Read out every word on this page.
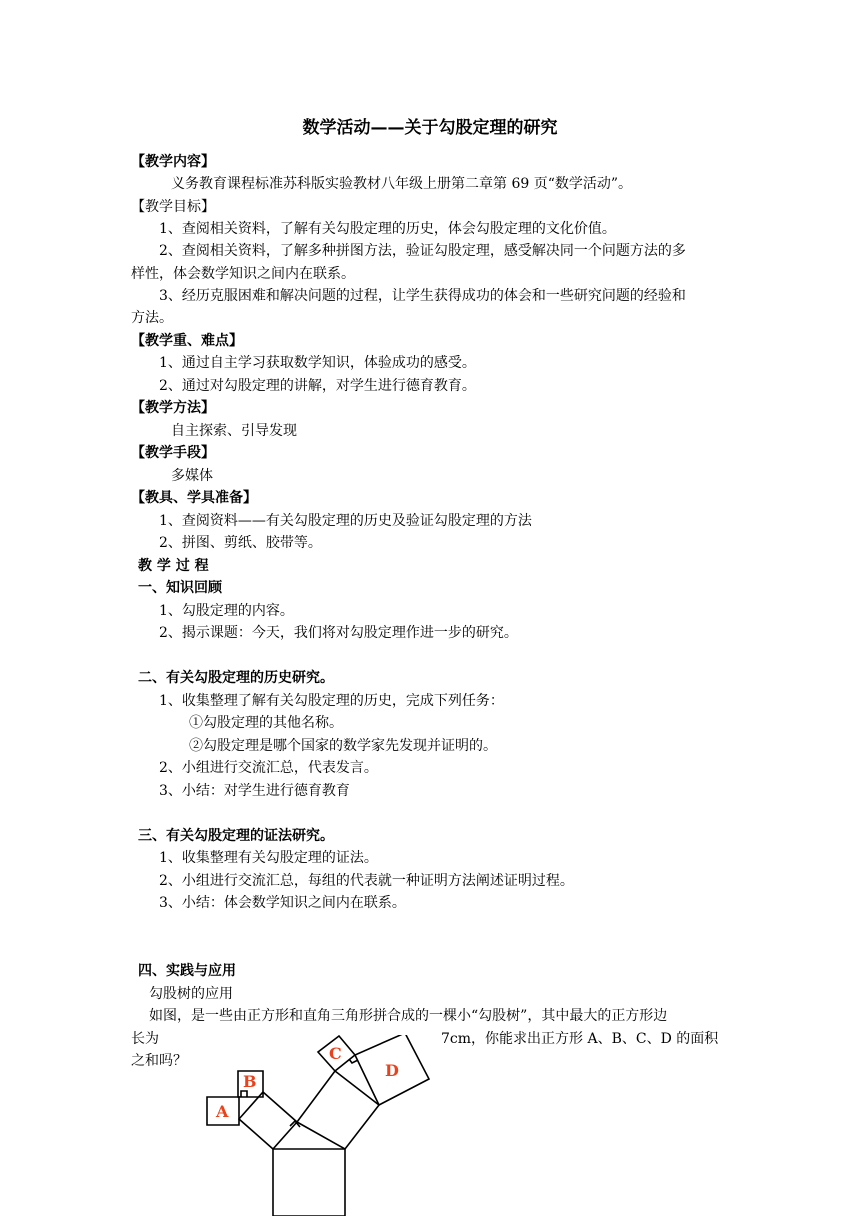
数学活动——关于勾股定理的研究
【教学内容】
义务教育课程标准苏科版实验教材八年级上册第二章第 69 页“数学活动”。
【教学目标】
1、查阅相关资料，了解有关勾股定理的历史，体会勾股定理的文化价值。
2、查阅相关资料，了解多种拼图方法，验证勾股定理，感受解决同一个问题方法的多
样性，体会数学知识之间内在联系。
3、经历克服困难和解决问题的过程，让学生获得成功的体会和一些研究问题的经验和
方法。
【教学重、难点】
1、通过自主学习获取数学知识，体验成功的感受。
2、通过对勾股定理的讲解，对学生进行德育教育。
【教学方法】
自主探索、引导发现
【教学手段】
多媒体
【教具、学具准备】
1、查阅资料——有关勾股定理的历史及验证勾股定理的方法
2、拼图、剪纸、胶带等。
教 学 过 程
一、知识回顾
1、勾股定理的内容。
2、揭示课题：今天，我们将对勾股定理作进一步的研究。
二、有关勾股定理的历史研究。
1、收集整理了解有关勾股定理的历史，完成下列任务：
①勾股定理的其他名称。
②勾股定理是哪个国家的数学家先发现并证明的。
2、小组进行交流汇总，代表发言。
3、小结：对学生进行德育教育
三、有关勾股定理的证法研究。
1、收集整理有关勾股定理的证法。
2、小组进行交流汇总，每组的代表就一种证明方法阐述证明过程。
3、小结：体会数学知识之间内在联系。
四、实践与应用
勾股树的应用
如图，是一些由正方形和直角三角形拼合成的一棵小“勾股树”，其中最大的正方形边
长为	7cm，你能求出正方形 A、B、C、D 的面积
之和吗？
A
B
C
D
